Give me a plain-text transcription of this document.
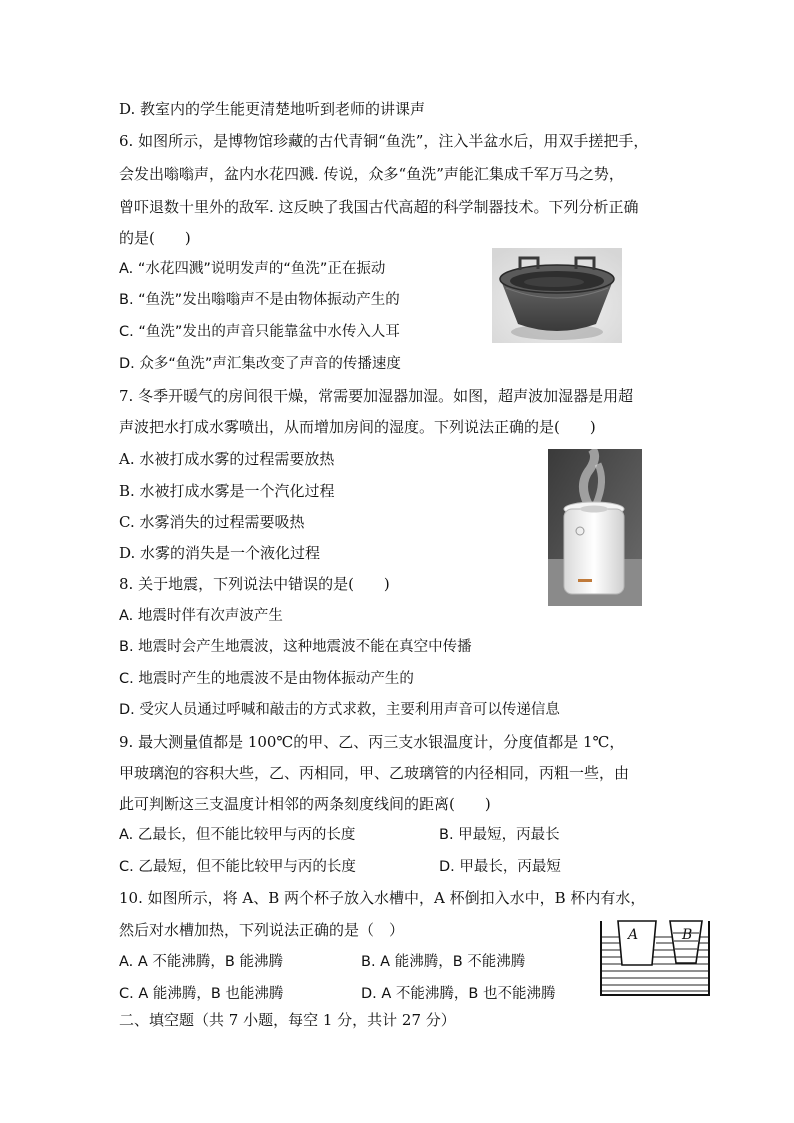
D. 教室内的学生能更清楚地听到老师的讲课声
6. 如图所示，是博物馆珍藏的古代青铜“鱼洗”，注入半盆水后，用双手搓把手，
会发出嗡嗡声，盆内水花四溅. 传说，众多“鱼洗”声能汇集成千军万马之势，
曾吓退数十里外的敌军. 这反映了我国古代高超的科学制器技术。下列分析正确
的是(　　)
A. “水花四溅”说明发声的“鱼洗”正在振动
B. “鱼洗”发出嗡嗡声不是由物体振动产生的
C. “鱼洗”发出的声音只能靠盆中水传入人耳
D. 众多“鱼洗”声汇集改变了声音的传播速度
7. 冬季开暖气的房间很干燥，常需要加湿器加湿。如图，超声波加湿器是用超
声波把水打成水雾喷出，从而增加房间的湿度。下列说法正确的是(　　)
A. 水被打成水雾的过程需要放热
B. 水被打成水雾是一个汽化过程
C. 水雾消失的过程需要吸热
D. 水雾的消失是一个液化过程
8. 关于地震，下列说法中错误的是(　　)
A. 地震时伴有次声波产生
B. 地震时会产生地震波，这种地震波不能在真空中传播
C. 地震时产生的地震波不是由物体振动产生的
D. 受灾人员通过呼喊和敲击的方式求救，主要利用声音可以传递信息
9. 最大测量值都是 100℃的甲、乙、丙三支水银温度计，分度值都是 1℃，
甲玻璃泡的容积大些，乙、丙相同，甲、乙玻璃管的内径相同，丙粗一些，由
此可判断这三支温度计相邻的两条刻度线间的距离(　　)
A. 乙最长，但不能比较甲与丙的长度	B. 甲最短，丙最长
C. 乙最短，但不能比较甲与丙的长度	D. 甲最长，丙最短
10. 如图所示，将 A、B 两个杯子放入水槽中，A 杯倒扣入水中，B 杯内有水，
然后对水槽加热，下列说法正确的是（　）
A. A 不能沸腾，B 能沸腾	B. A 能沸腾，B 不能沸腾
C. A 能沸腾，B 也能沸腾	D. A 不能沸腾，B 也不能沸腾
A	B
二、填空题（共 7 小题，每空 1 分，共计 27 分）
